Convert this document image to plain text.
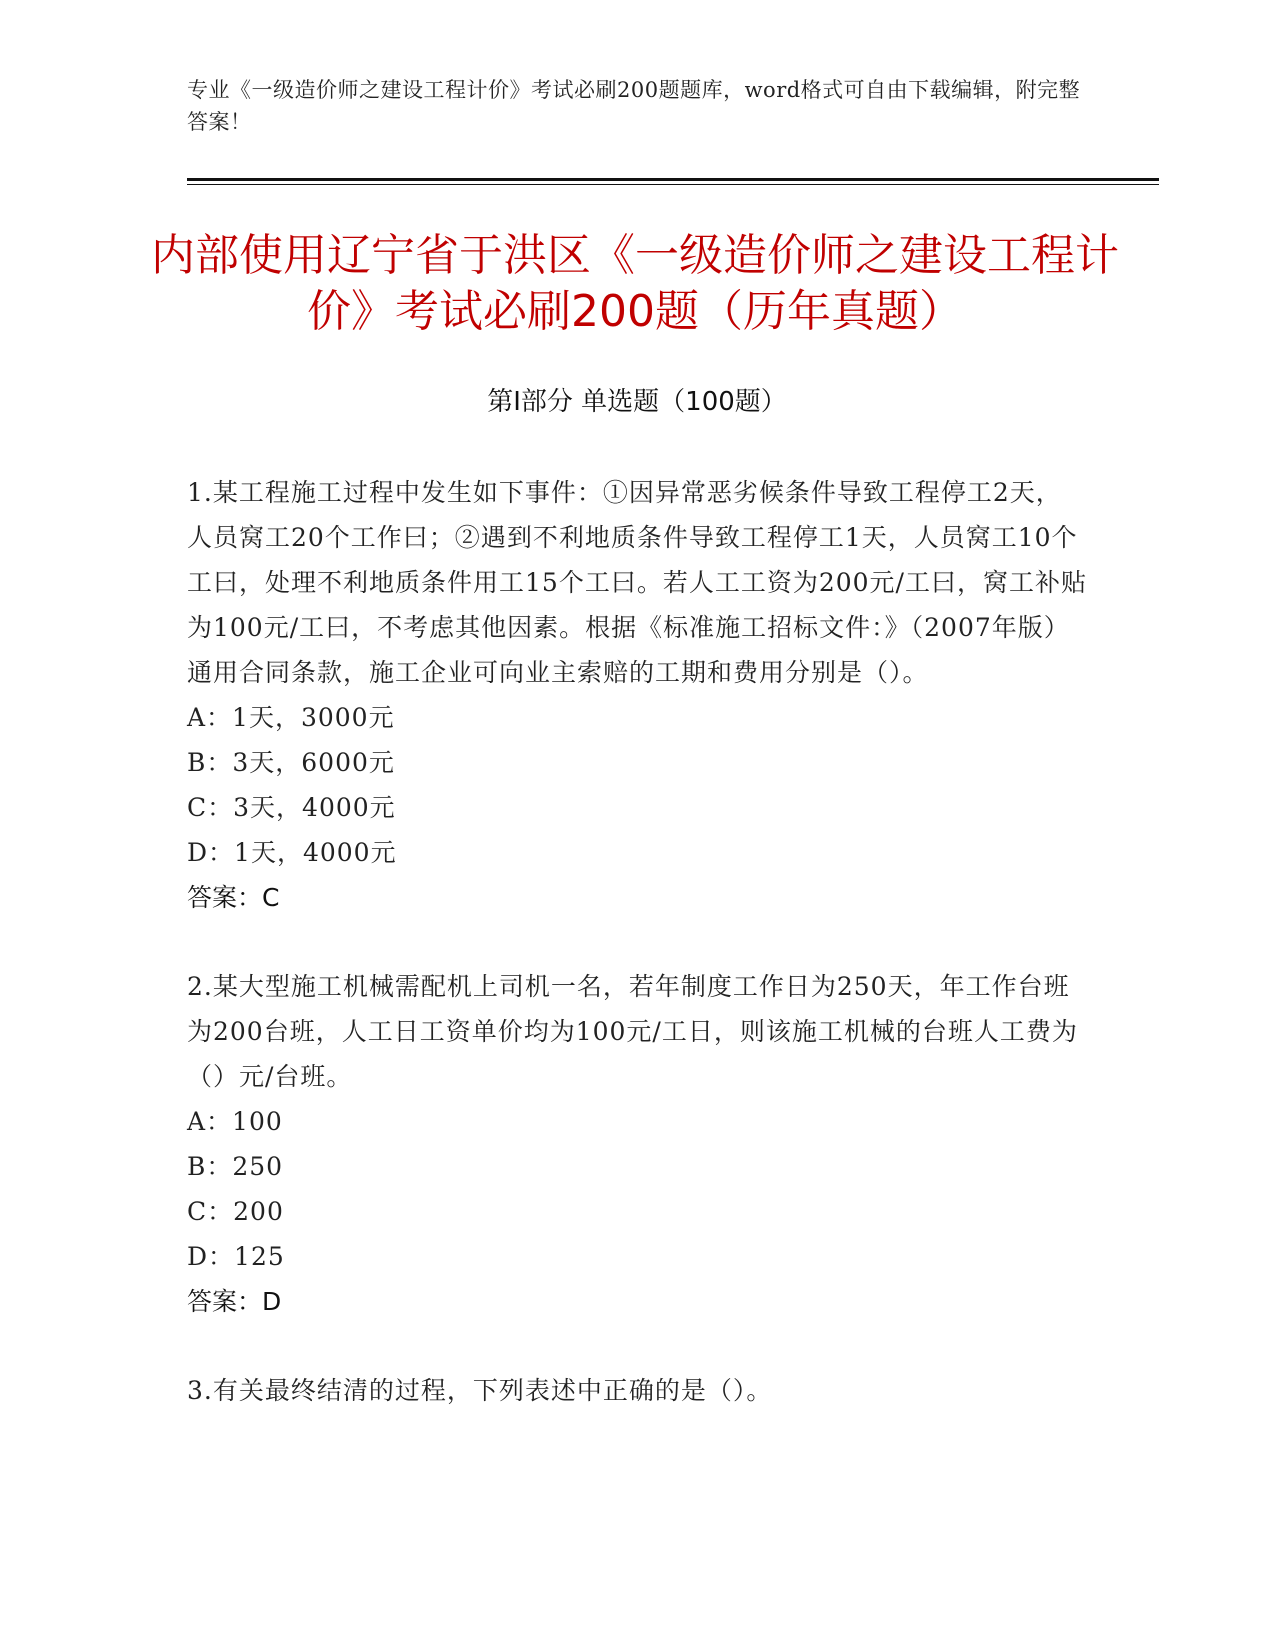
专业《一级造价师之建设工程计价》考试必刷200题题库，word格式可自由下载编辑，附完整答案！
内部使用辽宁省于洪区《一级造价师之建设工程计价》考试必刷200题（历年真题）
第I部分 单选题（100题）

1.某工程施工过程中发生如下事件：①因异常恶劣候条件导致工程停工2天，人员窝工20个工作曰；②遇到不利地质条件导致工程停工1天，人员窝工10个工曰，处理不利地质条件用工15个工曰。若人工工资为200元/工曰，窝工补贴为100元/工曰，不考虑其他因素。根据《标准施工招标文件：》（2007年版）通用合同条款，施工企业可向业主索赔的工期和费用分别是（）。

A：1天，3000元

B：3天，6000元

C：3天，4000元

D：1天，4000元

答案：C

2.某大型施工机械需配机上司机一名，若年制度工作日为250天，年工作台班为200台班，人工日工资单价均为100元/工日，则该施工机械的台班人工费为（）元/台班。

A：100

B：250

C：200

D：125

答案：D

3.有关最终结清的过程，下列表述中正确的是（）。
